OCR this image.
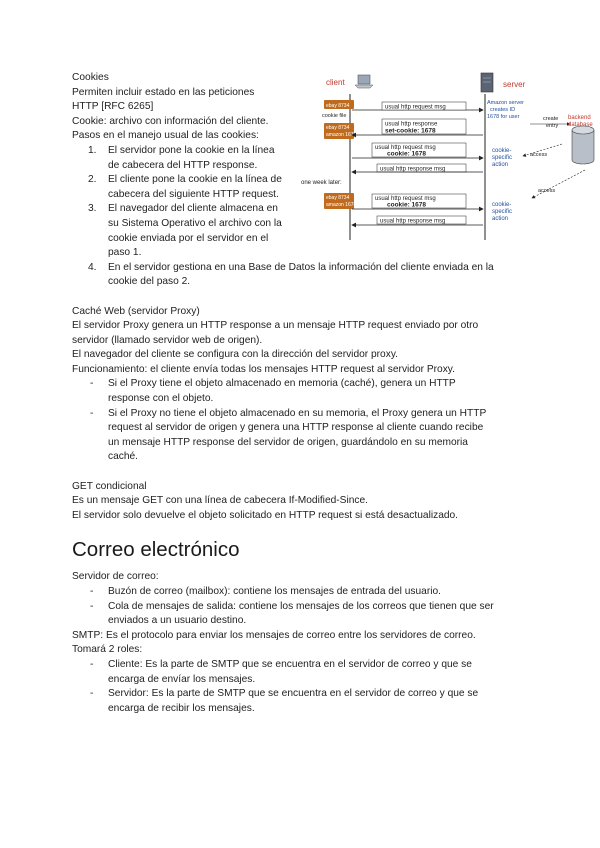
Cookies

Permiten incluir estado en las peticiones

HTTP [RFC 6265]

Cookie: archivo con información del cliente.

Pasos en el manejo usual de las cookies:

1. El servidor pone la cookie en la línea
de cabecera del HTTP response.
2. El cliente pone la cookie en la línea de
cabecera del siguiente HTTP request.
3. El navegador del cliente almacena en
su Sistema Operativo el archivo con la
cookie enviada por el servidor en el
paso 1.
4. En el servidor gestiona en una Base de Datos la información del cliente enviada en la
cookie del paso 2.

Caché Web (servidor Proxy)

El servidor Proxy genera un HTTP response a un mensaje HTTP request enviado por otro

servidor (llamado servidor web de origen).

El navegador del cliente se configura con la dirección del servidor proxy.

Funcionamiento: el cliente envía todas los mensajes HTTP request al servidor Proxy.

- Si el Proxy tiene el objeto almacenado en memoria (caché), genera un HTTP
response con el objeto.
- Si el Proxy no tiene el objeto almacenado en su memoria, el Proxy genera un HTTP
request al servidor de origen y genera una HTTP response al cliente cuando recibe
un mensaje HTTP response del servidor de origen, guardándolo en su memoria
caché.

GET condicional

Es un mensaje GET con una línea de cabecera If-Modified-Since.

El servidor solo devuelve el objeto solicitado en HTTP request si está desactualizado.

Correo electrónico

Servidor de correo:

- Buzón de correo (mailbox): contiene los mensajes de entrada del usuario.
- Cola de mensajes de salida: contiene los mensajes de los correos que tienen que ser
enviados a un usuario destino.

SMTP: Es el protocolo para enviar los mensajes de correo entre los servidores de correo.

Tomará 2 roles:

- Cliente: Es la parte de SMTP que se encuentra en el servidor de correo y que se
encarga de envíar los mensajes.
- Servidor: Es la parte de SMTP que se encuentra en el servidor de correo y que se
encarga de recibir los mensajes.
client	server
ebay 8734
cookie file
ebay 8734
amazon 1678
usual http request msg
usual http response
set-cookie: 1678
Amazon server
creates ID
1678 for user	create
entry
backend
database
usual http request msg
cookie: 1678	cookie-
specific
action
access
usual http response msg
one week later:
ebay 8734
amazon 1678
access
usual http request msg
cookie: 1678	cookie-
specific
action
usual http response msg
